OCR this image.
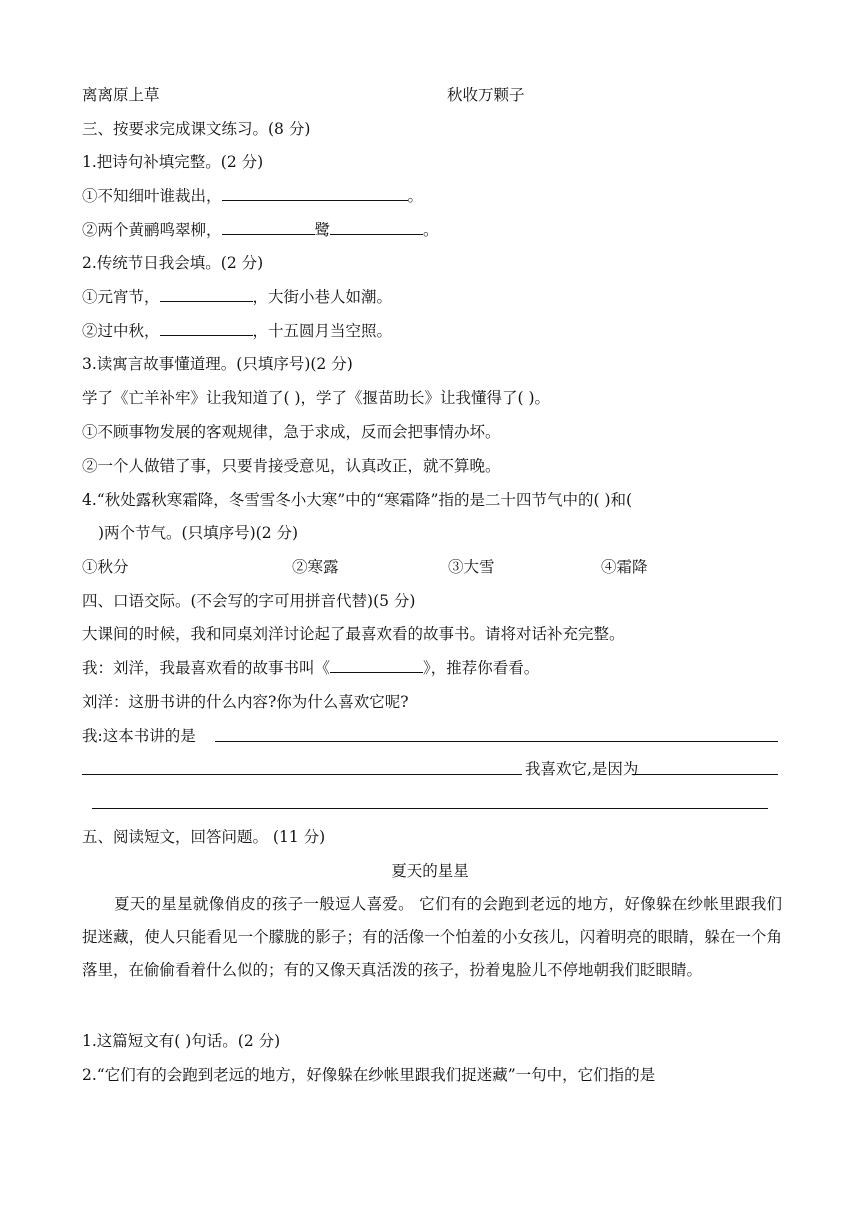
离离原上草	秋收万颗子
三、按要求完成课文练习。(8 分)
1.把诗句补填完整。(2 分)
①不知细叶谁裁出，	。
②两个黄鹂鸣翠柳，	鹭	。
2.传统节日我会填。(2 分)
①元宵节，	，大街小巷人如潮。
②过中秋，	，十五圆月当空照。
3.读寓言故事懂道理。(只填序号)(2 分)
学了《亡羊补牢》让我知道了( )，学了《揠苗助长》让我懂得了( )。
①不顾事物发展的客观规律，急于求成，反而会把事情办坏。
②一个人做错了事，只要肯接受意见，认真改正，就不算晚。
4.“秋处露秋寒霜降，冬雪雪冬小大寒”中的“寒霜降”指的是二十四节气中的( )和(
)两个节气。(只填序号)(2 分)
①秋分	②寒露	③大雪	④霜降
四、口语交际。(不会写的字可用拼音代替)(5 分)
大课间的时候，我和同桌刘洋讨论起了最喜欢看的故事书。请将对话补充完整。
我：刘洋，我最喜欢看的故事书叫《	》，推荐你看看。
刘洋：这册书讲的什么内容?你为什么喜欢它呢?
我:这本书讲的是
我喜欢它,是因为
五、阅读短文，回答问题。 (11 分)
夏天的星星
夏天的星星就像俏皮的孩子一般逗人喜爱。 它们有的会跑到老远的地方，好像躲在纱帐里跟我们捉迷藏，使人只能看见一个朦胧的影子；有的活像一个怕羞的小女孩儿，闪着明亮的眼睛，躲在一个角落里，在偷偷看着什么似的；有的又像天真活泼的孩子，扮着鬼脸儿不停地朝我们眨眼睛。
1.这篇短文有( )句话。(2 分)
2.“它们有的会跑到老远的地方，好像躲在纱帐里跟我们捉迷藏”一句中，它们指的是
